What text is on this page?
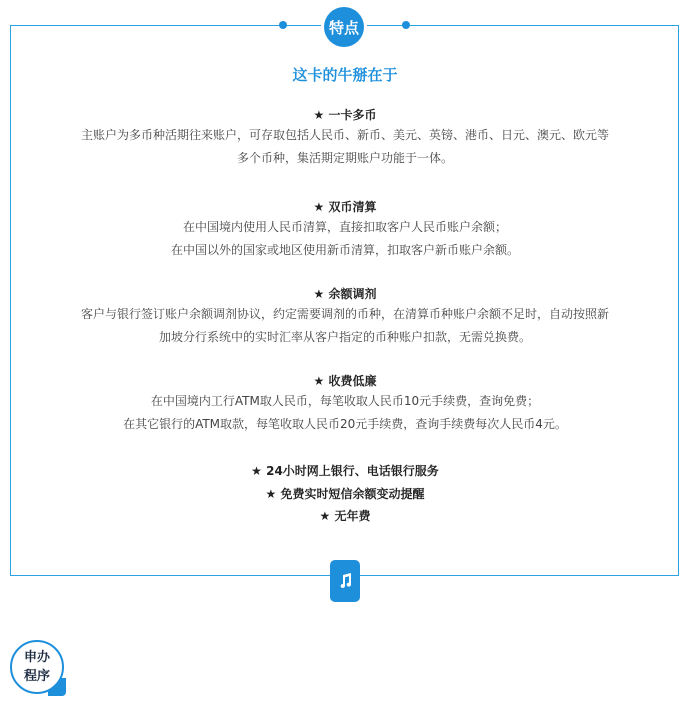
特点
这卡的牛掰在于
★ 一卡多币
主账户为多币种活期往来账户，可存取包括人民币、新币、美元、英镑、港币、日元、澳元、欧元等
多个币种，集活期定期账户功能于一体。
★ 双币清算
在中国境内使用人民币清算，直接扣取客户人民币账户余额；
在中国以外的国家或地区使用新币清算，扣取客户新币账户余额。
★ 余额调剂
客户与银行签订账户余额调剂协议，约定需要调剂的币种，在清算币种账户余额不足时，自动按照新
加坡分行系统中的实时汇率从客户指定的币种账户扣款，无需兑换费。
★ 收费低廉
在中国境内工行ATM取人民币，每笔收取人民币10元手续费，查询免费；
在其它银行的ATM取款，每笔收取人民币20元手续费，查询手续费每次人民币4元。
★ 24小时网上银行、电话银行服务
★ 免费实时短信余额变动提醒
★ 无年费
申办
程序
